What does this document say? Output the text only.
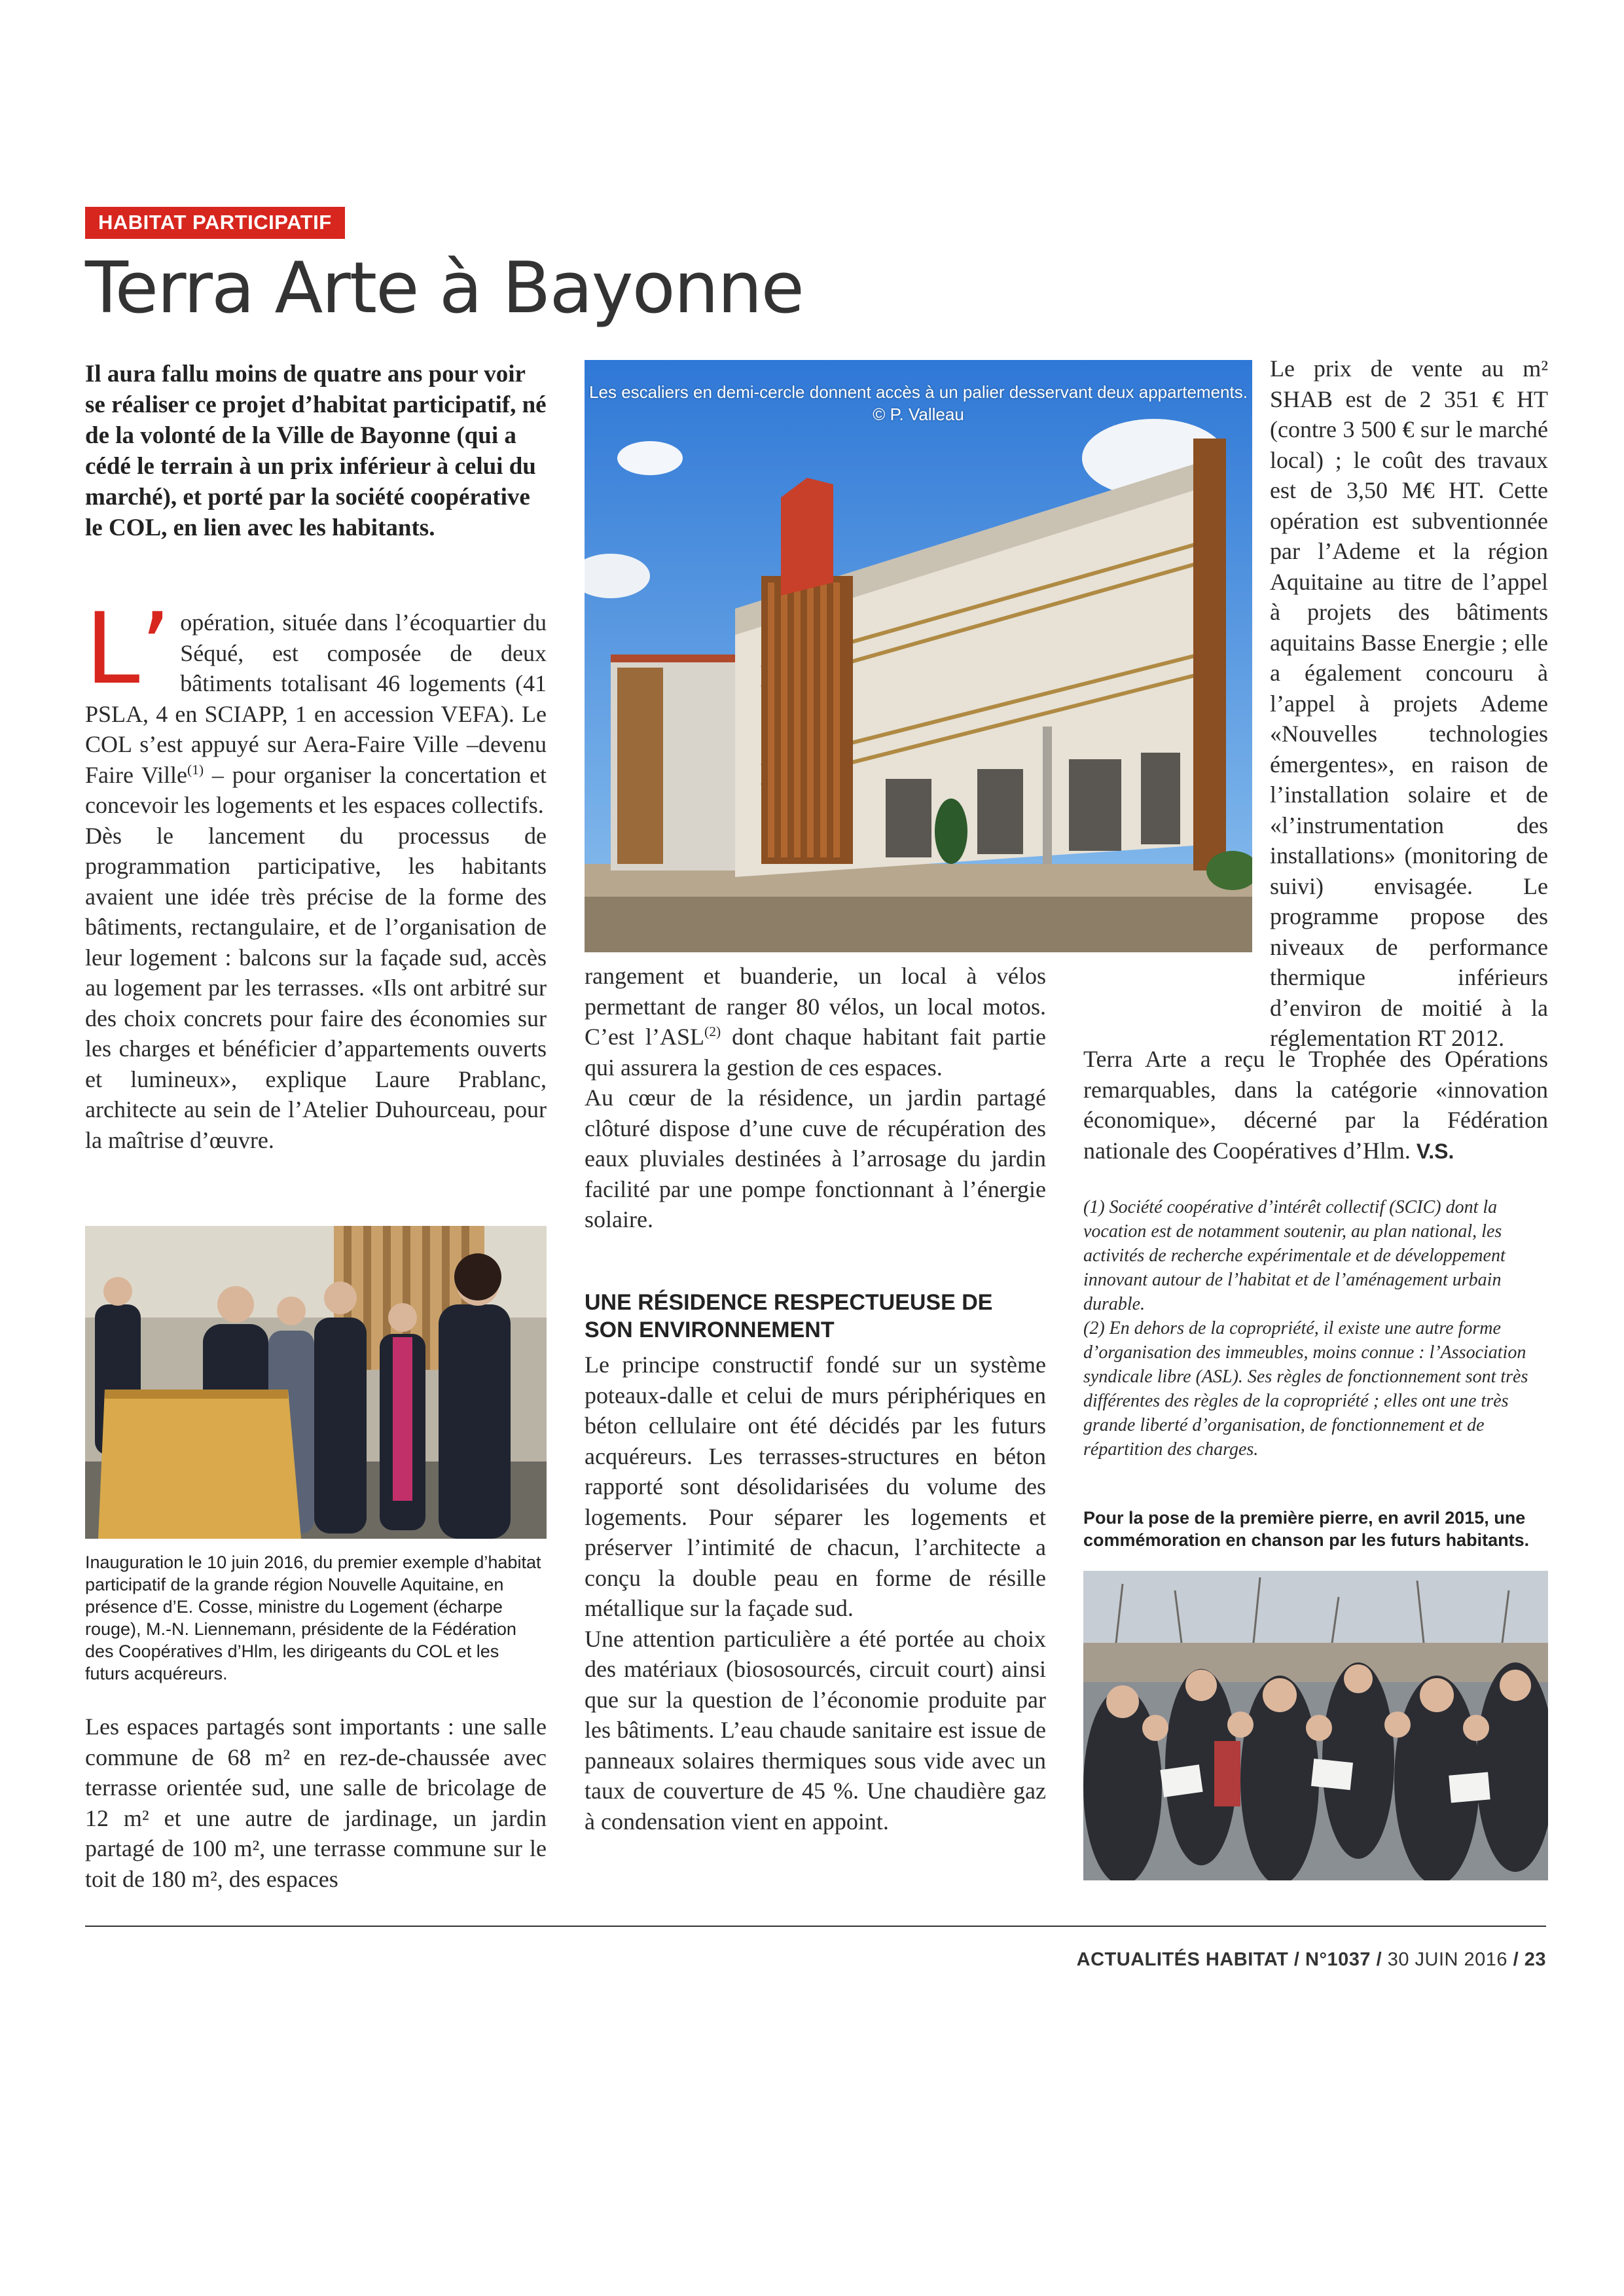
HABITAT PARTICIPATIF
Terra Arte à Bayonne
Il aura fallu moins de quatre ans pour voir se réaliser ce projet d’habitat participatif, né de la volonté de la Ville de Bayonne (qui a cédé le terrain à un prix inférieur à celui du marché), et porté par la société coopérative le COL, en lien avec les habitants.

L’ opération, située dans l’écoquartier du Séqué, est composée de deux bâtiments totalisant 46 logements (41 PSLA, 4 en SCIAPP, 1 en accession VEFA). Le COL s’est appuyé sur Aera-Faire Ville –devenu Faire Ville$^{(1)}$ – pour organiser la concertation et concevoir les logements et les espaces collectifs.

Dès le lancement du processus de programmation participative, les habitants avaient une idée très précise de la forme des bâtiments, rectangulaire, et de l’organisation de leur logement : balcons sur la façade sud, accès au logement par les terrasses. «Ils ont arbitré sur des choix concrets pour faire des économies sur les charges et bénéficier d’appartements ouverts et lumineux», explique Laure Prablanc, architecte au sein de l’Atelier Duhourceau, pour la maîtrise d’œuvre.

Inauguration le 10 juin 2016, du premier exemple d’habitat participatif de la grande région Nouvelle Aquitaine, en présence d’E. Cosse, ministre du Logement (écharpe rouge), M.-N. Liennemann, présidente de la Fédération des Coopératives d’Hlm, les dirigeants du COL et les futurs acquéreurs.

Les espaces partagés sont importants : une salle commune de 68 m² en rez-de-chaussée avec terrasse orientée sud, une salle de bricolage de 12 m² et une autre de jardinage, un jardin partagé de 100 m², une terrasse commune sur le toit de 180 m², des espaces

Les escaliers en demi-cercle donnent accès à un palier desservant deux appartements. © P. Valleau

rangement et buanderie, un local à vélos permettant de ranger 80 vélos, un local motos. C’est l’ASL$^{(2)}$ dont chaque habitant fait partie qui assurera la gestion de ces espaces.

Au cœur de la résidence, un jardin partagé clôturé dispose d’une cuve de récupération des eaux pluviales destinées à l’arrosage du jardin facilité par une pompe fonctionnant à l’énergie solaire.

UNE RÉSIDENCE RESPECTUEUSE DE SON ENVIRONNEMENT

Le principe constructif fondé sur un système poteaux-dalle et celui de murs périphériques en béton cellulaire ont été décidés par les futurs acquéreurs. Les terrasses-structures en béton rapporté sont désolidarisées du volume des logements. Pour séparer les logements et préserver l’intimité de chacun, l’architecte a conçu la double peau en forme de résille métallique sur la façade sud.

Une attention particulière a été portée au choix des matériaux (biososourcés, circuit court) ainsi que sur la question de l’économie produite par les bâtiments. L’eau chaude sanitaire est issue de panneaux solaires thermiques sous vide avec un taux de couverture de 45 %. Une chaudière gaz à condensation vient en appoint.

Le prix de vente au m² SHAB est de 2 351 € HT (contre 3 500 € sur le marché local) ; le coût des travaux est de 3,50 M€ HT. Cette opération est subventionnée par l’Ademe et la région Aquitaine au titre de l’appel à projets des bâtiments aquitains Basse Energie ; elle a également concouru à l’appel à projets Ademe «Nouvelles technologies émergentes», en raison de l’installation solaire et de «l’instrumentation des installations» (monitoring de suivi) envisagée. Le programme propose des niveaux de performance thermique inférieurs d’environ de moitié à la réglementation RT 2012.

Terra Arte a reçu le Trophée des Opérations remarquables, dans la catégorie «innovation économique», décerné par la Fédération nationale des Coopératives d’Hlm. V.S.

(1) Société coopérative d’intérêt collectif (SCIC) dont la vocation est de notamment soutenir, au plan national, les activités de recherche expérimentale et de développement innovant autour de l’habitat et de l’aménagement urbain durable.

(2) En dehors de la copropriété, il existe une autre forme d’organisation des immeubles, moins connue : l’Association syndicale libre (ASL). Ses règles de fonctionnement sont très différentes des règles de la copropriété ; elles ont une très grande liberté d’organisation, de fonctionnement et de répartition des charges.

Pour la pose de la première pierre, en avril 2015, une commémoration en chanson par les futurs habitants.

ACTUALITÉS HABITAT / N°1037 / 30 JUIN 2016 / 23
